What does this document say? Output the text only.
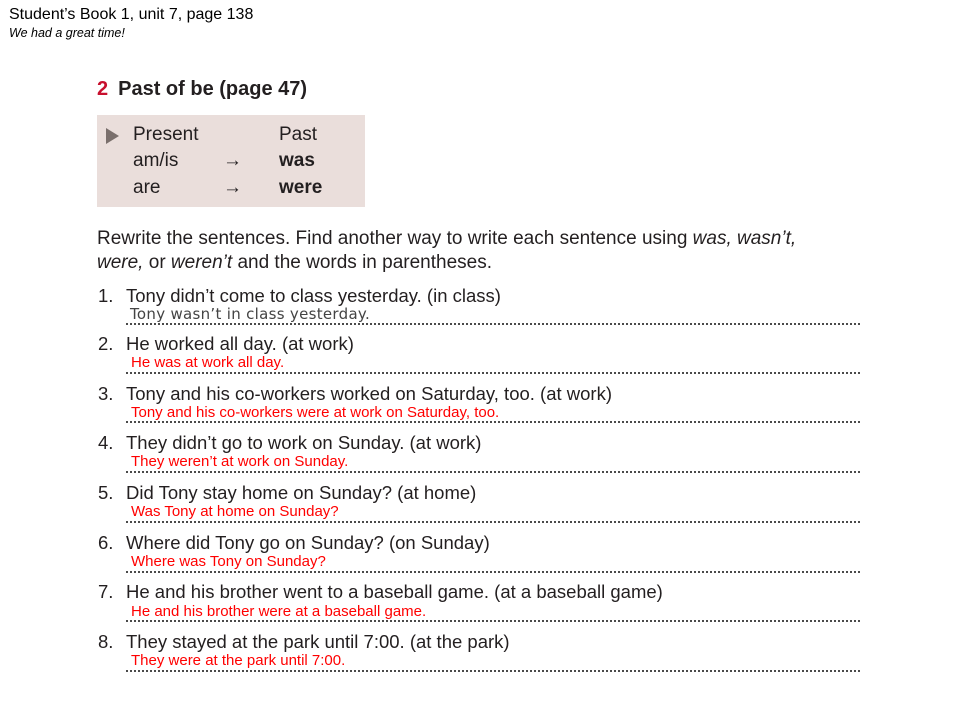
Student’s Book 1, unit 7, page 138
We had a great time!
2 Past of be (page 47)
Present	Past
am/is → was
are	→ were
Rewrite the sentences. Find another way to write each sentence using was, wasn’t,
were, or weren’t and the words in parentheses.
1. Tony didn’t come to class yesterday. (in class)
Tony wasn’t in class yesterday.
2. He worked all day. (at work)
He was at work all day.
3. Tony and his co-workers worked on Saturday, too. (at work)
Tony and his co-workers were at work on Saturday, too.
4. They didn’t go to work on Sunday. (at work)
They weren’t at work on Sunday.
5. Did Tony stay home on Sunday? (at home)
Was Tony at home on Sunday?
6. Where did Tony go on Sunday? (on Sunday)
Where was Tony on Sunday?
7. He and his brother went to a baseball game. (at a baseball game)
He and his brother were at a baseball game.
8. They stayed at the park until 7:00. (at the park)
They were at the park until 7:00.
